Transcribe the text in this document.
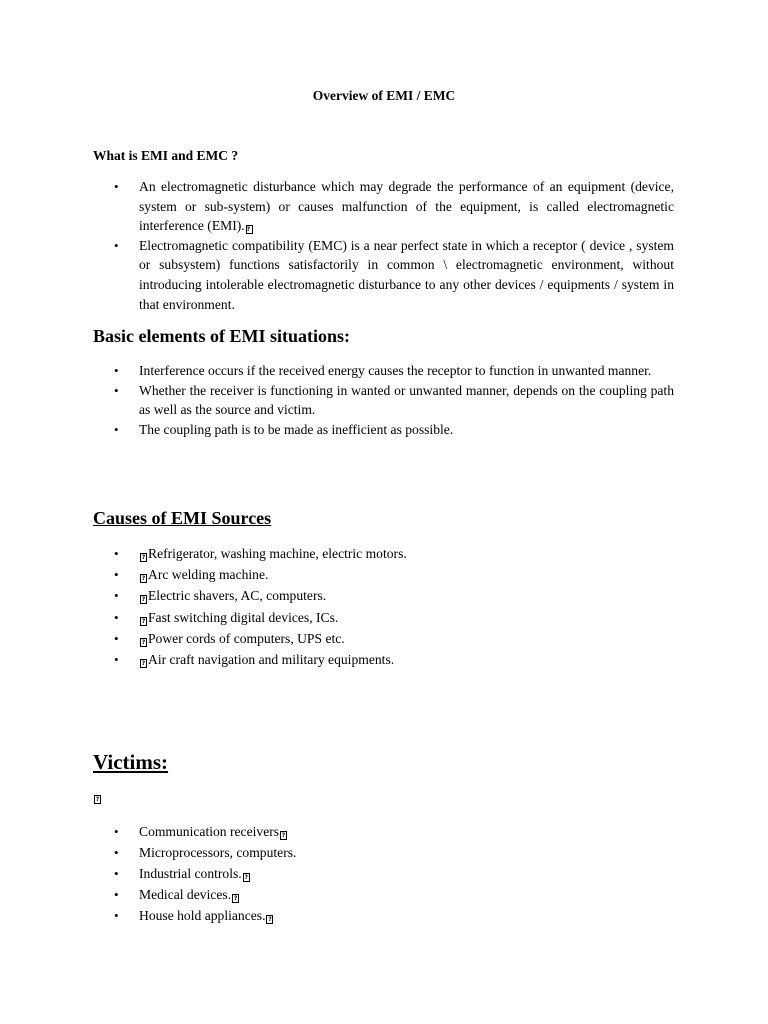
Overview of EMI / EMC
What is EMI and EMC ?
• An electromagnetic disturbance which may degrade the performance of an equipment (device, system or sub-system) or causes malfunction of the equipment, is called electromagnetic interference (EMI). ?
• Electromagnetic compatibility (EMC) is a near perfect state in which a receptor ( device , system or subsystem) functions satisfactorily in common \ electromagnetic environment, without introducing intolerable electromagnetic disturbance to any other devices / equipments / system in that environment.
Basic elements of EMI situations:
• Interference occurs if the received energy causes the receptor to function in unwanted manner.
• Whether the receiver is functioning in wanted or unwanted manner, depends on the coupling path as well as the source and victim.
• The coupling path is to be made as inefficient as possible.
Causes of EMI Sources
•	? Refrigerator, washing machine, electric motors.
•	? Arc welding machine.
•	? Electric shavers, AC, computers.
•	? Fast switching digital devices, ICs.
•	? Power cords of computers, UPS etc.
•	? Air craft navigation and military equipments.
Victims:
?
• Communication receivers ?
• Microprocessors, computers.
• Industrial controls. ?
• Medical devices. ?
• House hold appliances. ?
